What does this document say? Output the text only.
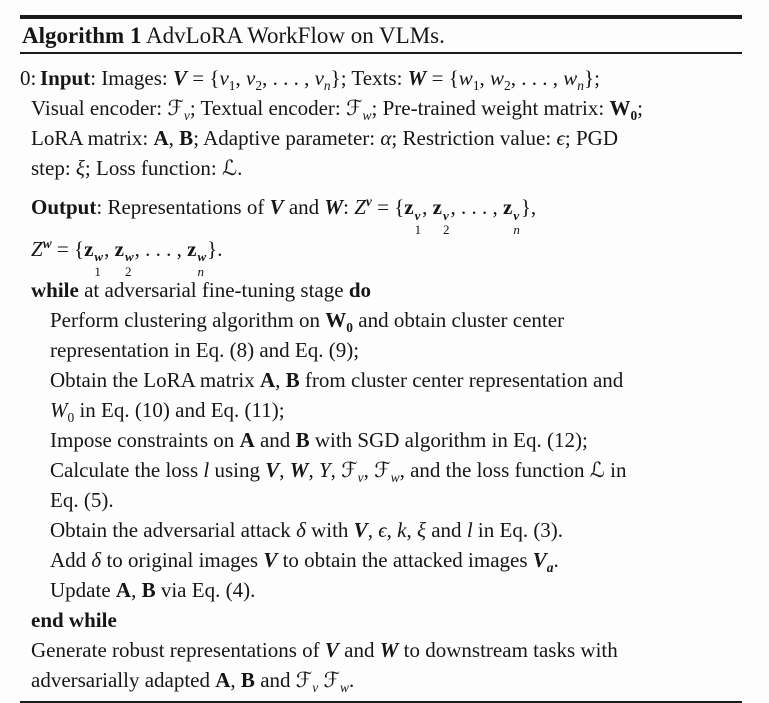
Algorithm 1 AdvLoRA WorkFlow on VLMs.
0: Input: Images: $V = \{v_1$, $v_2$, . . . , $v_n$}; Texts: $W = \{w_1$, $w_2$, . . . , $w_n$};
Visual encoder: ℱ$_v$; Textual encoder: ℱ$_w$; Pre-trained weight matrix: $W_0$;
LoRA matrix: A, B; Adaptive parameter: α; Restriction value: ϵ; PGD
step: ξ; Loss function: ℒ.
Output: Representations of V and W: $Z^v = \{z$ v
1
, z v
2
, . . . , z v
n
},
$Z^w = \{z$ w
1
, z w
2
, . . . , z w
n
}.
while at adversarial fine-tuning stage do
Perform clustering algorithm on $W_0$ and obtain cluster center
representation in Eq. (8) and Eq. (9);
Obtain the LoRA matrix A, B from cluster center representation and
$W_0$ in Eq. (10) and Eq. (11);
Impose constraints on A and B with SGD algorithm in Eq. (12);
Calculate the loss l using V, W, Y, ℱ$_v$, ℱ$_w$, and the loss function ℒ in
Eq. (5).
Obtain the adversarial attack δ with V, ϵ, k, ξ and l in Eq. (3).
Add δ to original images V to obtain the attacked images $V_a$.
Update A, B via Eq. (4).
end while
Generate robust representations of V and W to downstream tasks with
adversarially adapted A, B and ℱ$_v$ ℱ$_w$.
